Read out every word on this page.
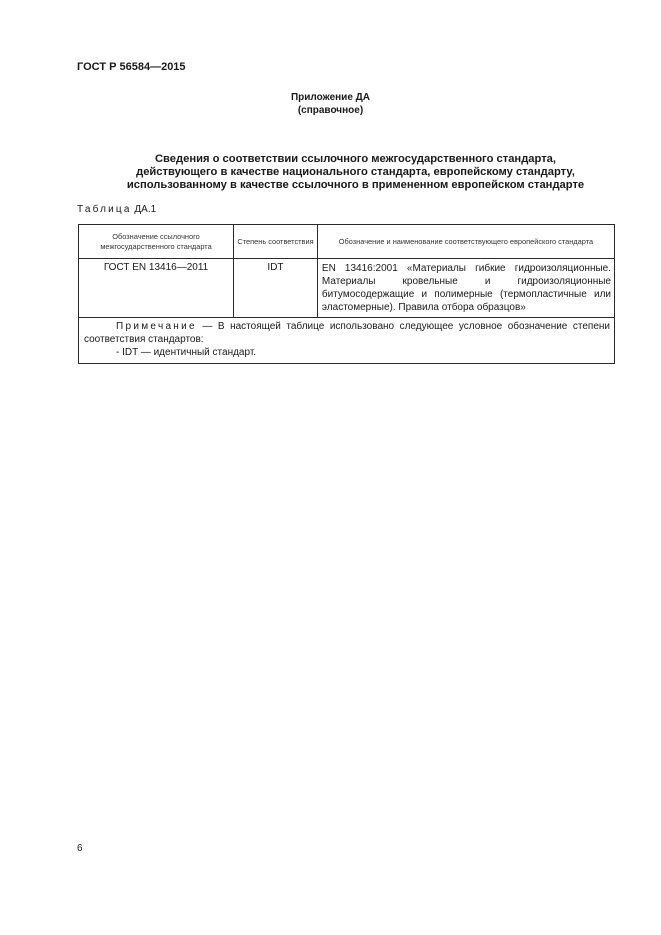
ГОСТ Р 56584—2015
Приложение ДА
(справочное)
Сведения о соответствии ссылочного межгосударственного стандарта,
действующего в качестве национального стандарта, европейскому стандарту,
использованному в качестве ссылочного в примененном европейском стандарте
Таблица ДА.1
Обозначение ссылочного межгосударственного стандарта	Степень соответствия	Обозначение и наименование соответствующего европейского стандарта
ГОСТ EN 13416—2011	IDT	EN 13416:2001 «Материалы гибкие гидроизоляционные. Материалы кровельные и гидроизоляционные битумосодержащие и полимерные (термопластичные или эластомерные). Правила отбора образцов»

Примечание — В настоящей таблице использовано следующее условное обозначение степени соответствия стандартов:
- IDT — идентичный стандарт.		
6
